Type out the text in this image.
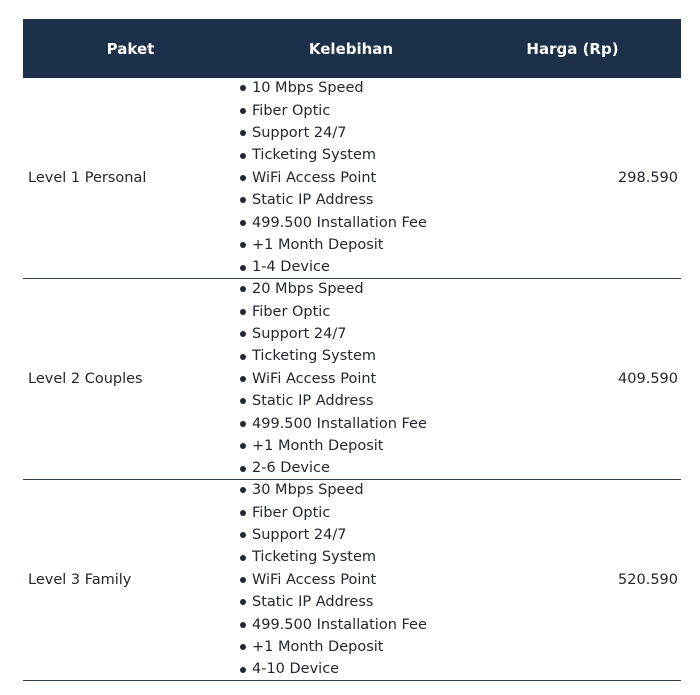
Paket	Kelebihan	Harga (Rp)
Level 1 Personal
10 Mbps Speed
Fiber Optic
Support 24/7
Ticketing System
WiFi Access Point
Static IP Address
499.500 Installation Fee
+1 Month Deposit
1-4 Device
298.590
Level 2 Couples
20 Mbps Speed
Fiber Optic
Support 24/7
Ticketing System
WiFi Access Point
Static IP Address
499.500 Installation Fee
+1 Month Deposit
2-6 Device
409.590
Level 3 Family
30 Mbps Speed
Fiber Optic
Support 24/7
Ticketing System
WiFi Access Point
Static IP Address
499.500 Installation Fee
+1 Month Deposit
4-10 Device
520.590
